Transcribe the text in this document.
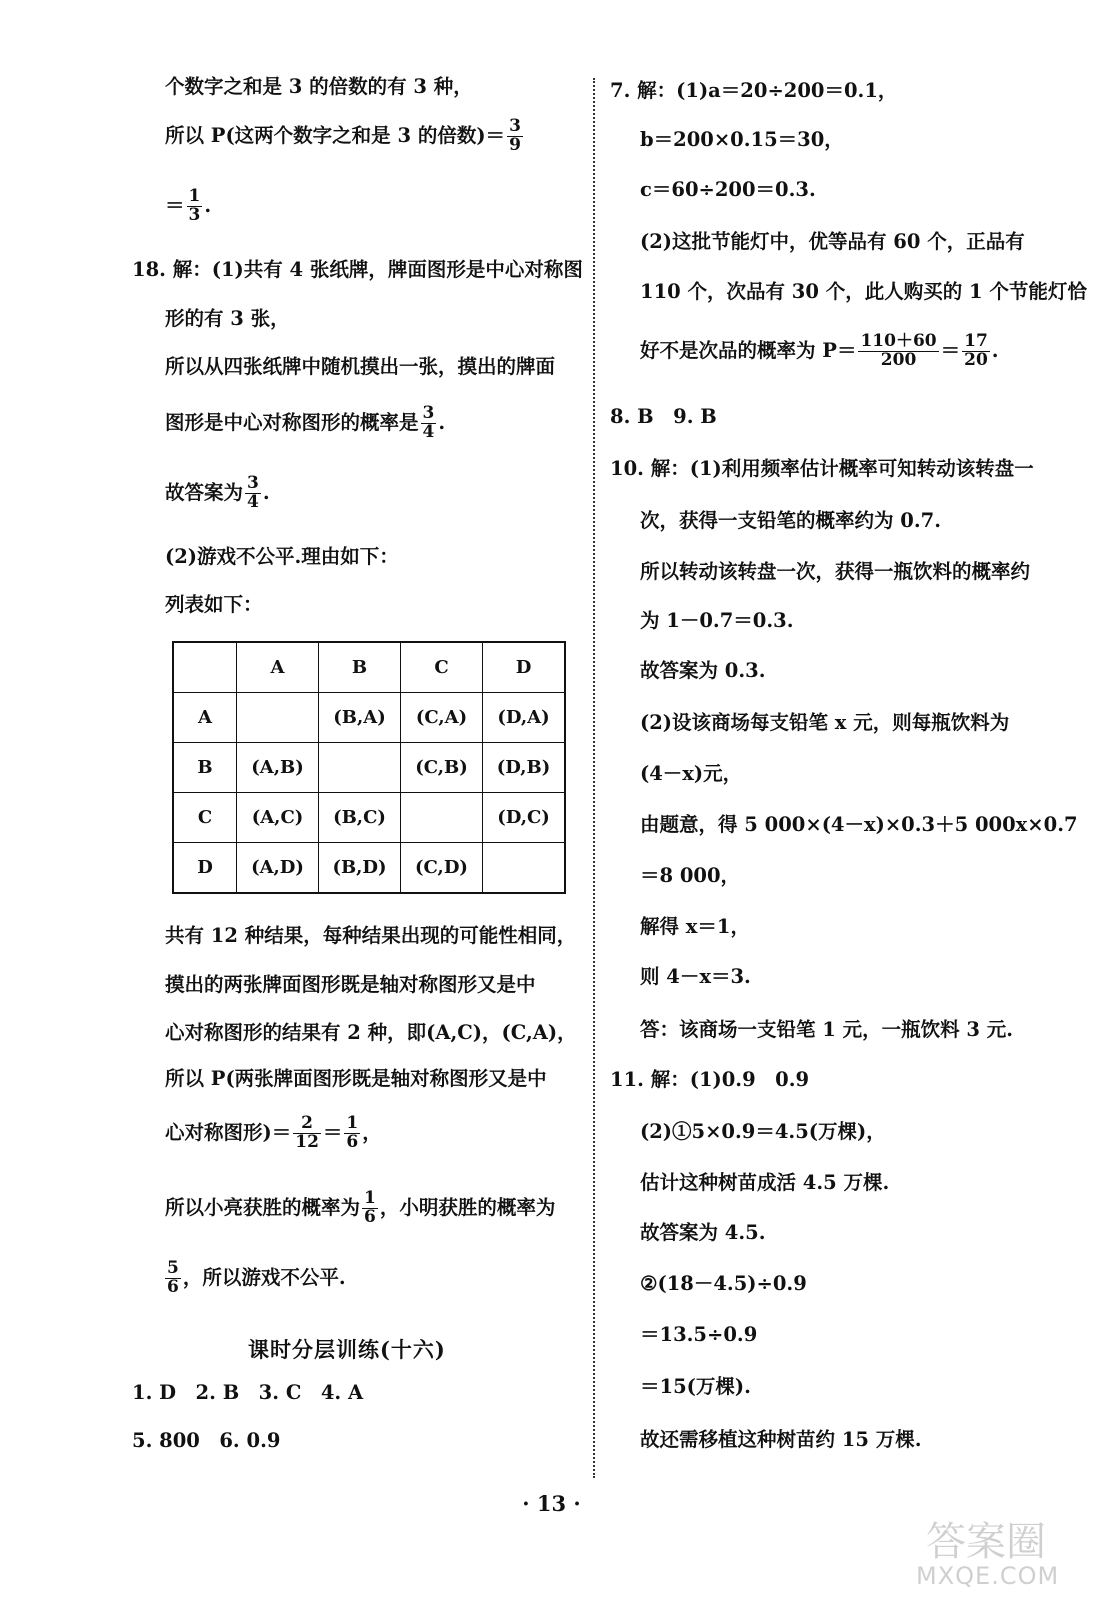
个数字之和是 3 的倍数的有 3 种，
所以 P(这两个数字之和是 3 的倍数)＝ $\frac{3}{9}$
＝ $\frac{1}{3}$ .
18. 解：(1)共有 4 张纸牌，牌面图形是中心对称图
形的有 3 张，
所以从四张纸牌中随机摸出一张，摸出的牌面
图形是中心对称图形的概率是 $\frac{3}{4}$ .
故答案为 $\frac{3}{4}$ .
(2)游戏不公平.理由如下：
列表如下：
	A	B	C	D
A		(B,A)	(C,A)	(D,A)
B	(A,B)		(C,B)	(D,B)
C	(A,C)	(B,C)		(D,C)
D	(A,D)	(B,D)	(C,D)	
共有 12 种结果，每种结果出现的可能性相同，
摸出的两张牌面图形既是轴对称图形又是中
心对称图形的结果有 2 种，即(A,C)，(C,A)，
所以 P(两张牌面图形既是轴对称图形又是中
心对称图形)＝ $\frac{2}{12} = \frac{1}{6}$ ，
所以小亮获胜的概率为 $\frac{1}{6}$ ，小明获胜的概率为
$\frac{5}{6}$ ，所以游戏不公平.
课时分层训练(十六)
1. D　2. B　3. C　4. A
5. 800　6. 0.9
7. 解：(1)a＝20÷200＝0.1，
b＝200×0.15＝30，
c＝60÷200＝0.3.
(2)这批节能灯中，优等品有 60 个，正品有
110 个，次品有 30 个，此人购买的 1 个节能灯恰
好不是次品的概率为 $P= \frac{110+60}{200} = \frac{17}{20}$ .
8. B　9. B
10. 解：(1)利用频率估计概率可知转动该转盘一
次，获得一支铅笔的概率约为 0.7.
所以转动该转盘一次，获得一瓶饮料的概率约
为 1－0.7＝0.3.
故答案为 0.3.
(2)设该商场每支铅笔 x 元，则每瓶饮料为
(4－x)元，
由题意，得 5 000×(4－x)×0.3＋5 000x×0.7
＝8 000，
解得 x＝1，
则 4－x＝3.
答：该商场一支铅笔 1 元，一瓶饮料 3 元.
11. 解：(1)0.9　0.9
(2)①5×0.9＝4.5(万棵)，
估计这种树苗成活 4.5 万棵.
故答案为 4.5.
②(18－4.5)÷0.9
＝13.5÷0.9
＝15(万棵).
故还需移植这种树苗约 15 万棵.
· 13 ·
答案圈
MXQE.COM
